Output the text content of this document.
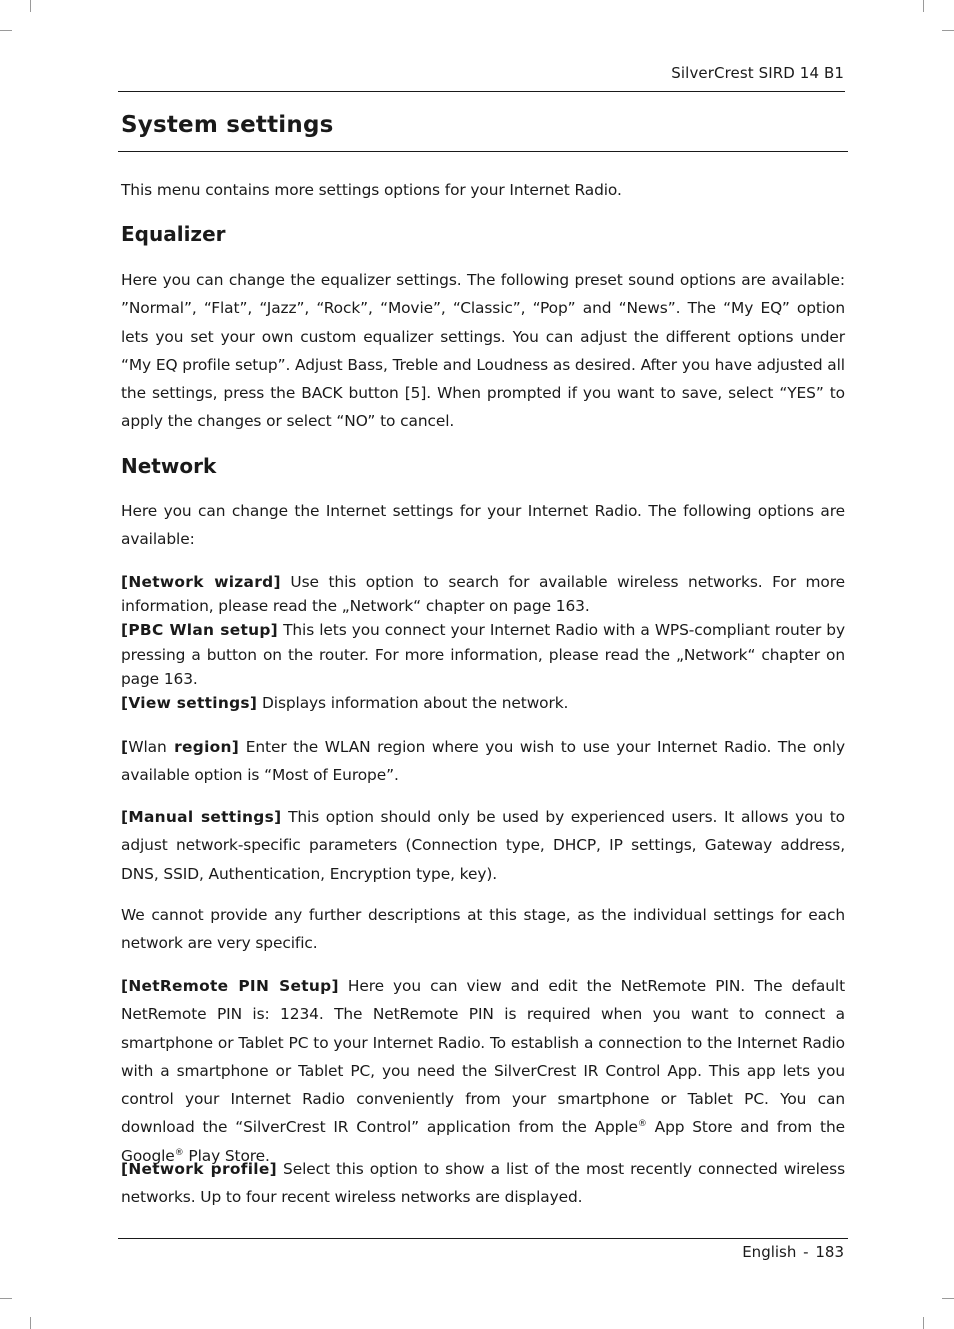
SilverCrest SIRD 14 B1
System settings

This menu contains more settings options for your Internet Radio.

Equalizer

Here you can change the equalizer settings. The following preset sound options are available: ”Normal”, “Flat”, “Jazz”, “Rock”, “Movie”, “Classic”, “Pop” and “News”. The “My EQ” option lets you set your own custom equalizer settings. You can adjust the different options under “My EQ profile setup”. Adjust Bass, Treble and Loudness as desired. After you have adjusted all the settings, press the BACK button [5]. When prompted if you want to save, select “YES” to apply the changes or select “NO” to cancel.

Network

Here you can change the Internet settings for your Internet Radio. The following options are available:

[Network wizard] Use this option to search for available wireless networks. For more information, please read the „Network“ chapter on page 163.

[PBC Wlan setup] This lets you connect your Internet Radio with a WPS-compliant router by pressing a button on the router. For more information, please read the „Network“ chapter on page 163.

[View settings] Displays information about the network.

[Wlan region] Enter the WLAN region where you wish to use your Internet Radio. The only available option is “Most of Europe”.

[Manual settings] This option should only be used by experienced users. It allows you to adjust network-specific parameters (Connection type, DHCP, IP settings, Gateway address, DNS, SSID, Authentication, Encryption type, key).

We cannot provide any further descriptions at this stage, as the individual settings for each network are very specific.

[NetRemote PIN Setup] Here you can view and edit the NetRemote PIN. The default NetRemote PIN is: 1234. The NetRemote PIN is required when you want to connect a smartphone or Tablet PC to your Internet Radio. To establish a connection to the Internet Radio with a smartphone or Tablet PC, you need the SilverCrest IR Control App. This app lets you control your Internet Radio conveniently from your smartphone or Tablet PC. You can download the “SilverCrest IR Control” application from the Apple® App Store and from the Google® Play Store.

[Network profile] Select this option to show a list of the most recently connected wireless networks. Up to four recent wireless networks are displayed.

English - 183
